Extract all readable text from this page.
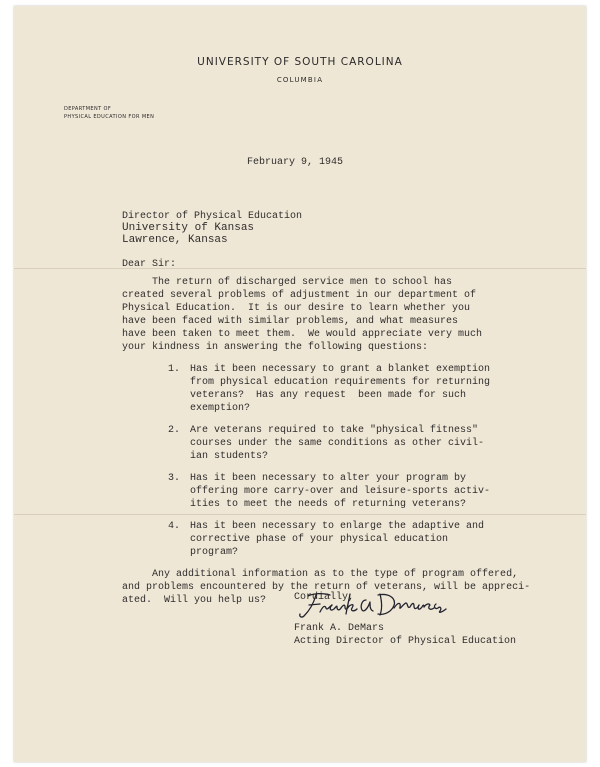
UNIVERSITY OF SOUTH CAROLINA
COLUMBIA
DEPARTMENT OF
PHYSICAL EDUCATION FOR MEN
February 9, 1945
Director of Physical Education
University of Kansas
Lawrence, Kansas
Dear Sir:
The return of discharged service men to school has
created several problems of adjustment in our department of
Physical Education.  It is our desire to learn whether you
have been faced with similar problems, and what measures
have been taken to meet them.  We would appreciate very much
your kindness in answering the following questions:
1. Has it been necessary to grant a blanket exemption
from physical education requirements for returning
veterans?  Has any request  been made for such
exemption?
2. Are veterans required to take "physical fitness"
courses under the same conditions as other civil-
ian students?
3. Has it been necessary to alter your program by
offering more carry-over and leisure-sports activ-
ities to meet the needs of returning veterans?
4. Has it been necessary to enlarge the adaptive and
corrective phase of your physical education
program?
Any additional information as to the type of program offered,
and problems encountered by the return of veterans, will be appreci-
ated.  Will you help us?	Cordially,
Frank A. DeMars
Acting Director of Physical Education
